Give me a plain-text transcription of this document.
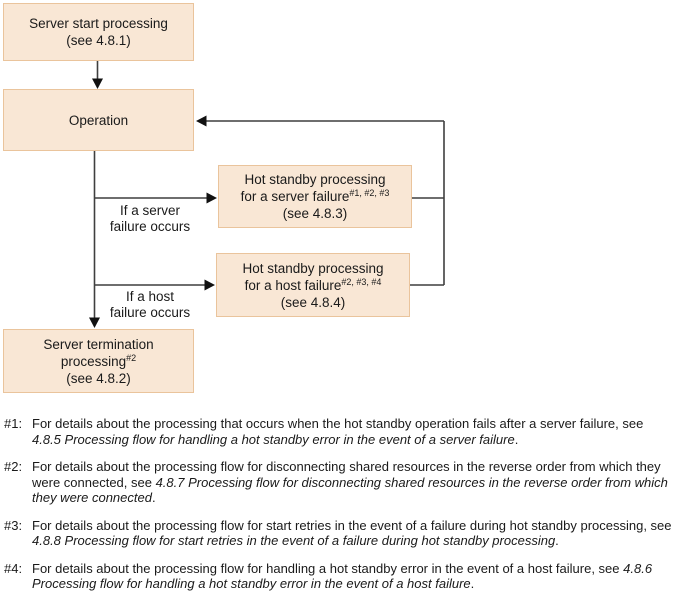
Server start processing
(see 4.8.1)
Operation
Hot standby processing
for a server failure$^{\#1, \#2, \#3}$
(see 4.8.3)
Hot standby processing
for a host failure$^{\#2, \#3, \#4}$
(see 4.8.4)
Server termination
processing$^{\#2}$
(see 4.8.2)
If a server
failure occurs
If a host
failure occurs
#1: For details about the processing that occurs when the hot standby operation fails after a server failure, see 4.8.5 Processing flow for handling a hot standby error in the event of a server failure.
#2: For details about the processing flow for disconnecting shared resources in the reverse order from which they were connected, see 4.8.7 Processing flow for disconnecting shared resources in the reverse order from which they were connected.
#3: For details about the processing flow for start retries in the event of a failure during hot standby processing, see 4.8.8 Processing flow for start retries in the event of a failure during hot standby processing.
#4: For details about the processing flow for handling a hot standby error in the event of a host failure, see 4.8.6 Processing flow for handling a hot standby error in the event of a host failure.
